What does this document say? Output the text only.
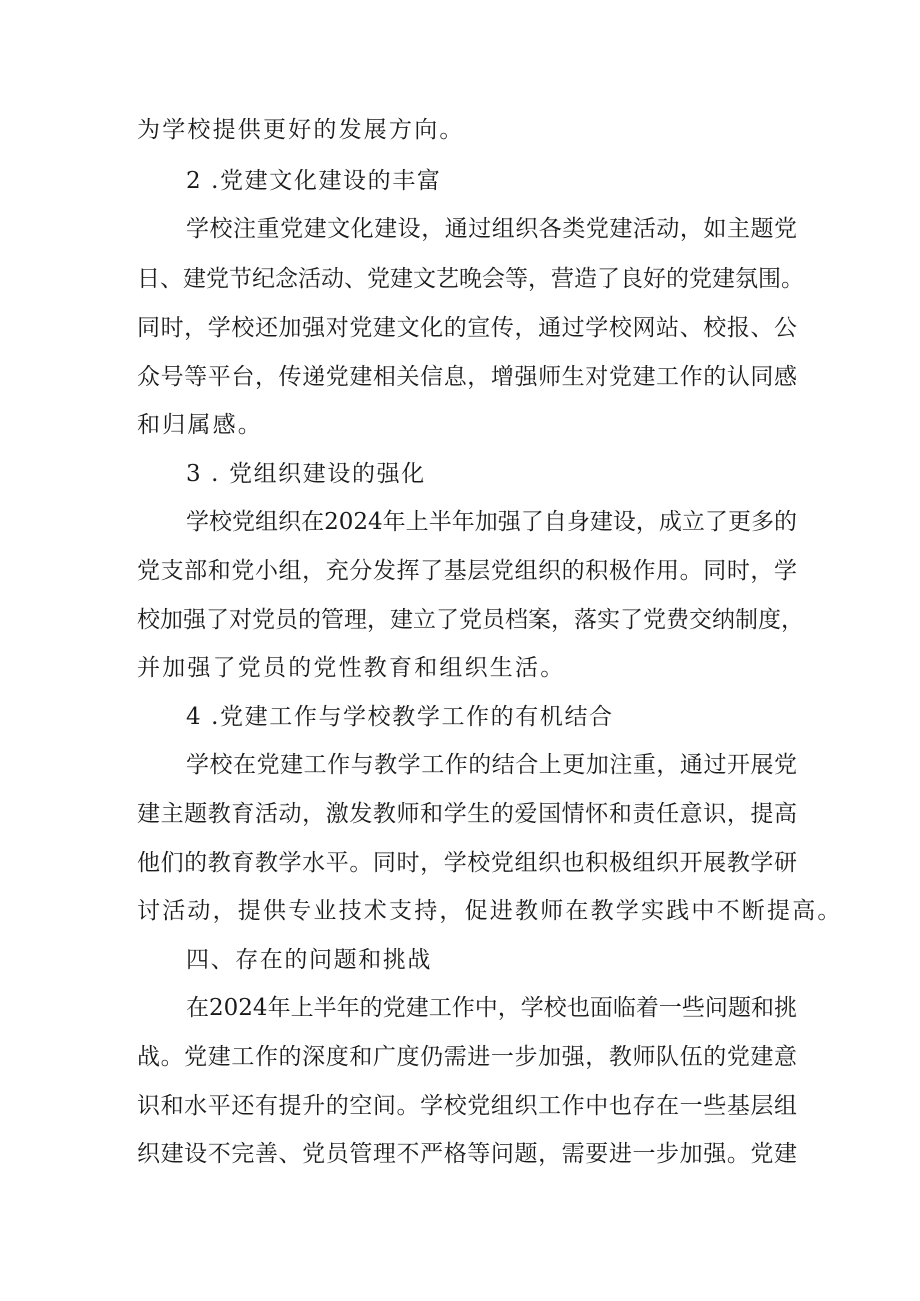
为学校提供更好的发展方向。
2 .党建文化建设的丰富
学校注重党建文化建设，通过组织各类党建活动，如主题党
日、建党节纪念活动、党建文艺晚会等，营造了良好的党建氛围。
同时，学校还加强对党建文化的宣传，通过学校网站、校报、公
众号等平台，传递党建相关信息，增强师生对党建工作的认同感
和归属感。
3 . 党组织建设的强化
学校党组织在2024年上半年加强了自身建设，成立了更多的
党支部和党小组，充分发挥了基层党组织的积极作用。同时，学
校加强了对党员的管理，建立了党员档案，落实了党费交纳制度，
并加强了党员的党性教育和组织生活。
4 .党建工作与学校教学工作的有机结合
学校在党建工作与教学工作的结合上更加注重，通过开展党
建主题教育活动，激发教师和学生的爱国情怀和责任意识，提高
他们的教育教学水平。同时，学校党组织也积极组织开展教学研
讨活动，提供专业技术支持，促进教师在教学实践中不断提高。
四、存在的问题和挑战
在2024年上半年的党建工作中，学校也面临着一些问题和挑
战。党建工作的深度和广度仍需进一步加强，教师队伍的党建意
识和水平还有提升的空间。学校党组织工作中也存在一些基层组
织建设不完善、党员管理不严格等问题，需要进一步加强。党建
